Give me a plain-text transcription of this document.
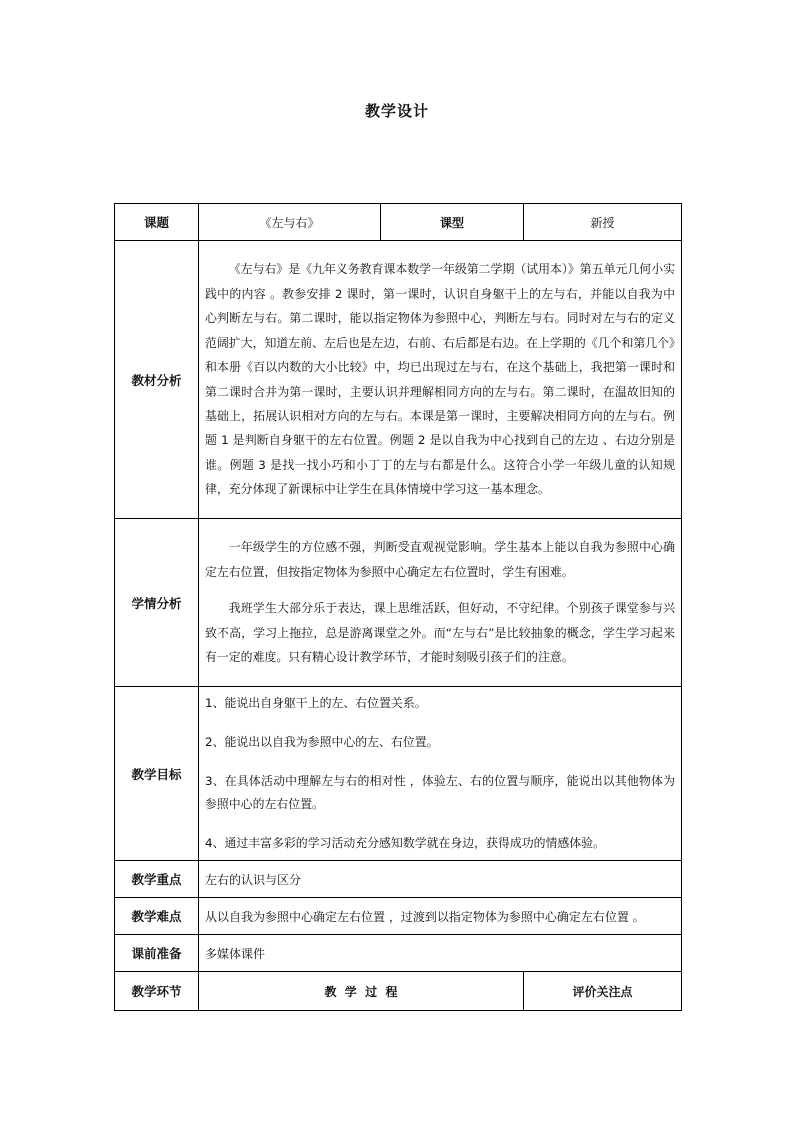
教学设计
课题	《左与右》	课型	新授
教材分析	《左与右》是《九年义务教育课本数学一年级第二学期（试用本）》第五单元几何小实践中的内容 。教参安排 2 课时，第一课时，认识自身躯干上的左与右，并能以自我为中心判断左与右。第二课时，能以指定物体为参照中心，判断左与右。同时对左与右的定义范阔扩大，知道左前、左后也是左边，右前、右后都是右边。在上学期的《几个和第几个》和本册《百以内数的大小比较》中，均已出现过左与右，在这个基础上，我把第一课时和第二课时合并为第一课时，主要认识并理解相同方向的左与右。第二课时，在温故旧知的基础上，拓展认识相对方向的左与右。本课是第一课时，主要解决相同方向的左与右。例题 1 是判断自身躯干的左右位置。例题 2 是以自我为中心找到自己的左边 、右边分别是谁。例题 3 是找一找小巧和小丁丁的左与右都是什么。这符合小学一年级儿童的认知规律，充分体现了新课标中让学生在具体情境中学习这一基本理念。		

学情分析	一年级学生的方位感不强，判断受直观视觉影响。学生基本上能以自我为参照中心确定左右位置，但按指定物体为参照中心确定左右位置时，学生有困难。

我班学生大部分乐于表达，课上思维活跃，但好动，不守纪律。个别孩子课堂参与兴致不高，学习上拖拉，总是游离课堂之外。而“左与右”是比较抽象的概念，学生学习起来有一定的难度。只有精心设计教学环节，才能时刻吸引孩子们的注意。		

教学目标	1、能说出自身躯干上的左、右位置关系。

2、能说出以自我为参照中心的左、右位置。

3、在具体活动中理解左与右的相对性 ，体验左、右的位置与顺序，能说出以其他物体为参照中心的左右位置。

4、通过丰富多彩的学习活动充分感知数学就在身边，获得成功的情感体验。		

教学重点	左右的认识与区分		
教学难点	从以自我为参照中心确定左右位置 ，过渡到以指定物体为参照中心确定左右位置 。		
课前准备	多媒体课件		
教学环节	教  学  过  程		评价关注点
